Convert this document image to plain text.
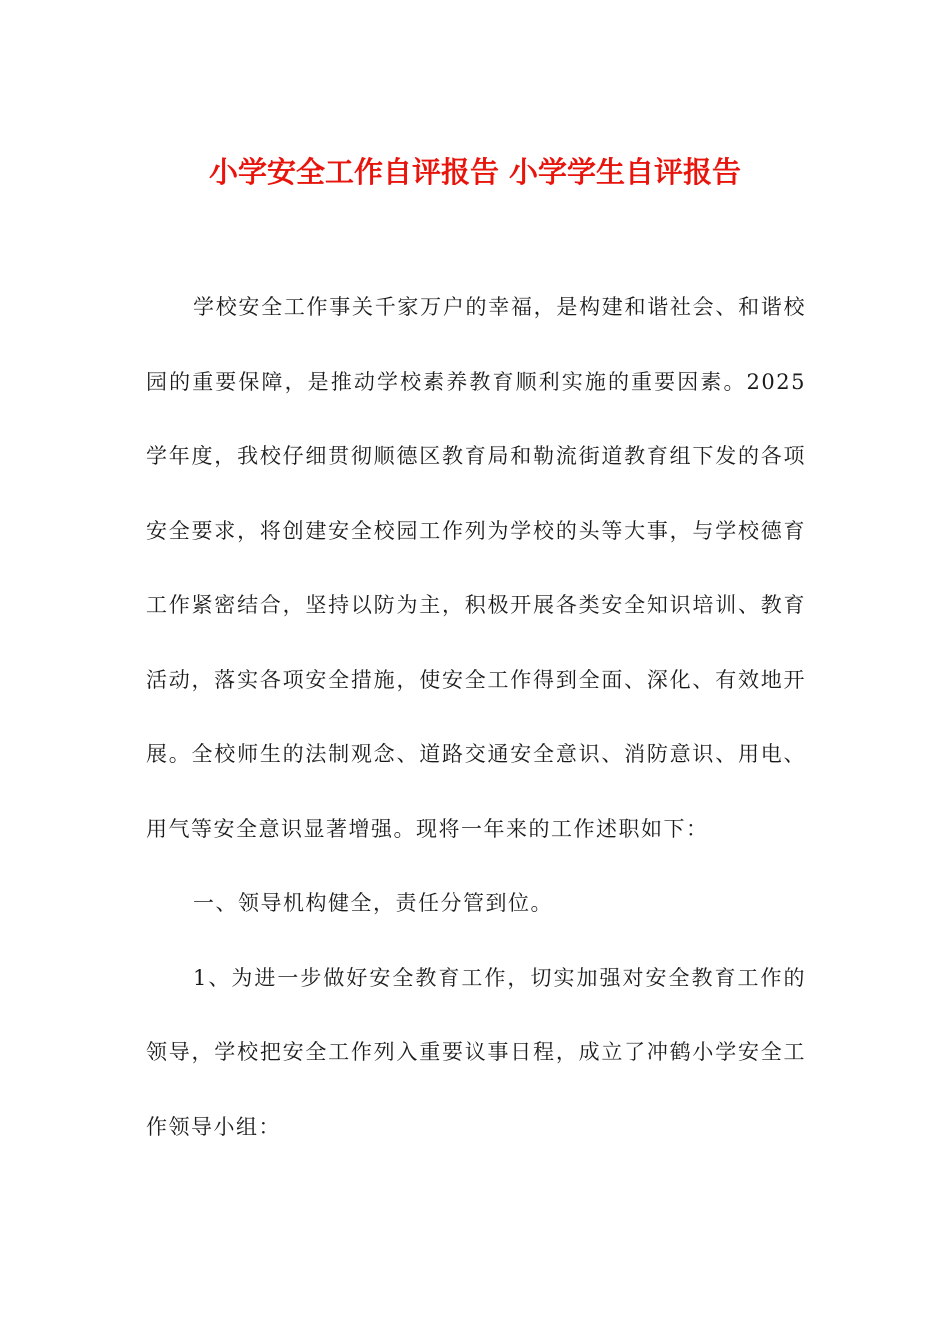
小学安全工作自评报告 小学学生自评报告

学校安全工作事关千家万户的幸福，是构建和谐社会、和谐校园的重要保障，是推动学校素养教育顺利实施的重要因素。2025学年度，我校仔细贯彻顺德区教育局和勒流街道教育组下发的各项安全要求，将创建安全校园工作列为学校的头等大事，与学校德育工作紧密结合，坚持以防为主，积极开展各类安全知识培训、教育活动，落实各项安全措施，使安全工作得到全面、深化、有效地开展。全校师生的法制观念、道路交通安全意识、消防意识、用电、用气等安全意识显著增强。现将一年来的工作述职如下：

一、领导机构健全，责任分管到位。

1、为进一步做好安全教育工作，切实加强对安全教育工作的领导，学校把安全工作列入重要议事日程，成立了冲鹤小学安全工作领导小组：
